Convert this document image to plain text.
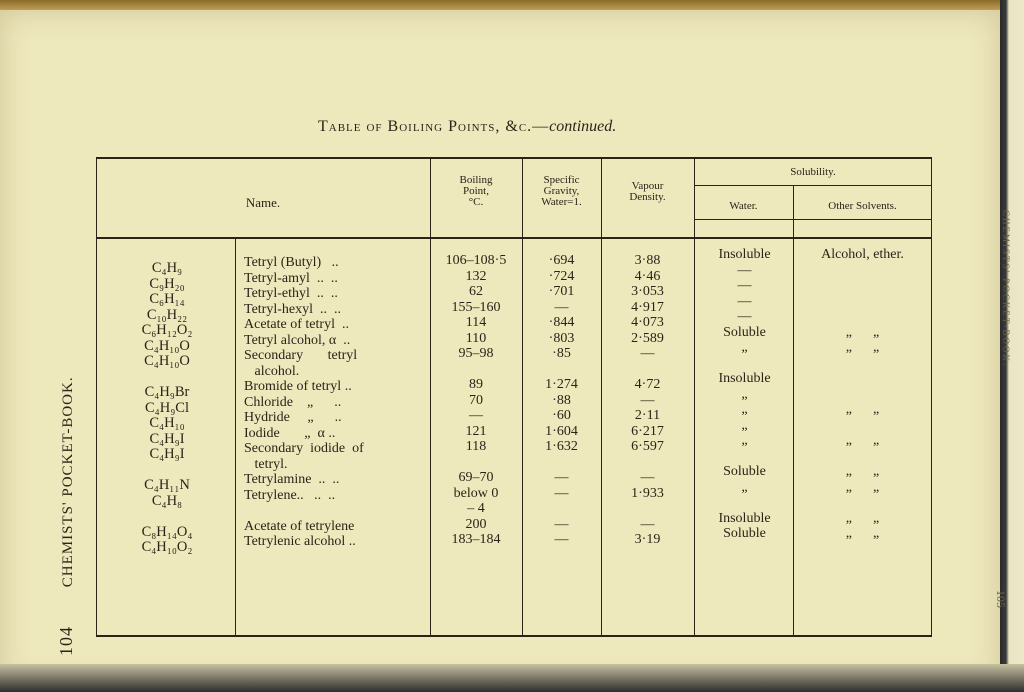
104 CHEMISTS' POCKET-BOOK.
CHEMISTS' POCKET-BOOK.
105
Table of Boiling Points, &c.—continued.
Name.
Boiling
Point,
°C.
Specific
Gravity,
Water=1.
Vapour
Density.
Solubility.
Water.	Other Solvents.
C₄H₉
C₉H₂₀
C₆H₁₄
C₁₀H₂₂
C₆H₁₂O₂
C₄H₁₀O
C₄H₁₀O
C₄H₉Br
C₄H₉Cl
C₄H₁₀
C₄H₉I
C₄H₉I
C₄H₁₁N
C₄H₈
C₈H₁₄O₄
C₄H₁₀O₂
Tetryl (Butyl)   ..
Tetryl-amyl  ..  ..
Tetryl-ethyl  ..  ..
Tetryl-hexyl  ..  ..
Acetate of tetryl  ..
Tetryl alcohol, α  ..
Secondary       tetryl
alcohol.
Bromide of tetryl ..
Chloride    „      ..
Hydride     „      ..
Iodide       „  α ..
Secondary  iodide  of
tetryl.
Tetrylamine  ..  ..
Tetrylene..   ..  ..
Acetate of tetrylene
Tetrylenic alcohol ..
106–108·5
132
62
155–160
114
110
95–98
89
70
—
121
118
69–70
below 0
– 4
200
183–184
·694
·724
·701
—
·844
·803
·85
1·274
·88
·60
1·604
1·632
—
—
—
—
3·88
4·46
3·053
4·917
4·073
2·589
—
4·72
—
2·11
6·217
6·597
—
1·933
—
3·19
Insoluble
—
—
—
—
Soluble
„
Insoluble
„
„
„
„
Soluble
„
Insoluble
Soluble
Alcohol, ether.
„      „
„      „
„      „
„      „
„      „
„      „
„      „
„      „
